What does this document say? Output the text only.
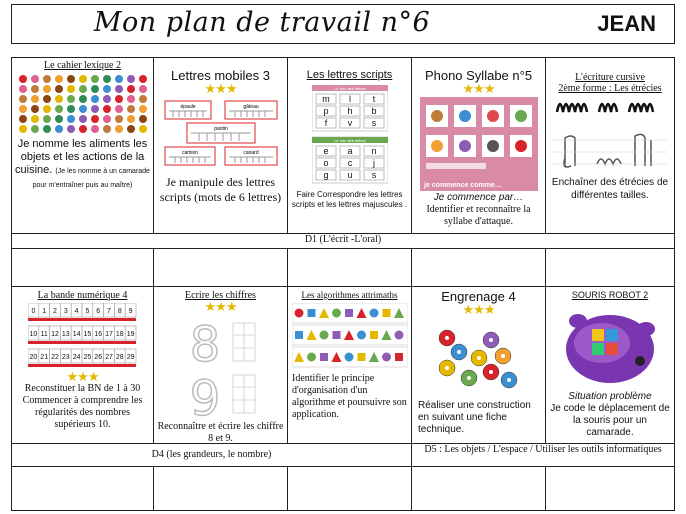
Mon plan de travail n°6	JEAN
Le cahier lexique 2
Je nomme les aliments les objets et les actions de la cuisine. (Je les nomme à un camarade pour m'entraîner puis au maître)
Lettres mobiles 3
★★★
épaule	gâteau
pantin
camion	canard
Je manipule des lettres scripts (mots de 6 lettres)
Les lettres scripts
Le loto des lettres
m l t
p h b
f v s
Le loto des lettres
e a n
o c j
g u s
Faire Correspondre les lettres scripts et les lettres majuscules .
Phono Syllabe n°5
★★★
je commence comme…
Je commence par…
Identifier et reconnaître la syllabe d'attaque.
L'écriture cursive
2ème forme : Les étrécies
Enchaîner des étrécies de différentes tailles.
D1 (L'écrit -L'oral)
La bande numérique 4
0 1 2 3 4 5 6 7 8 9
10 11 12 13 14 15 16 17 18 19
20 21 22 23 24 25 26 27 28 29
★★★
Reconstituer la BN de 1 à 30 Commencer à comprendre les régularités des nombres supérieurs 10.
Ecrire les chiffres
★★★
8
9
Reconnaître et écrire les chiffre 8 et 9.
Les algorithmes attrimaths
Identifier le principe d'organisation d'un algorithme et poursuivre son application.
Engrenage 4
★★★
Réaliser une construction en suivant une fiche technique.
SOURIS ROBOT 2
Situation problème
Je code le déplacement de la souris pour un camarade.
D4 (les grandeurs, le nombre)	D5 : Les objets / L'espace / Utiliser les outils informatiques
